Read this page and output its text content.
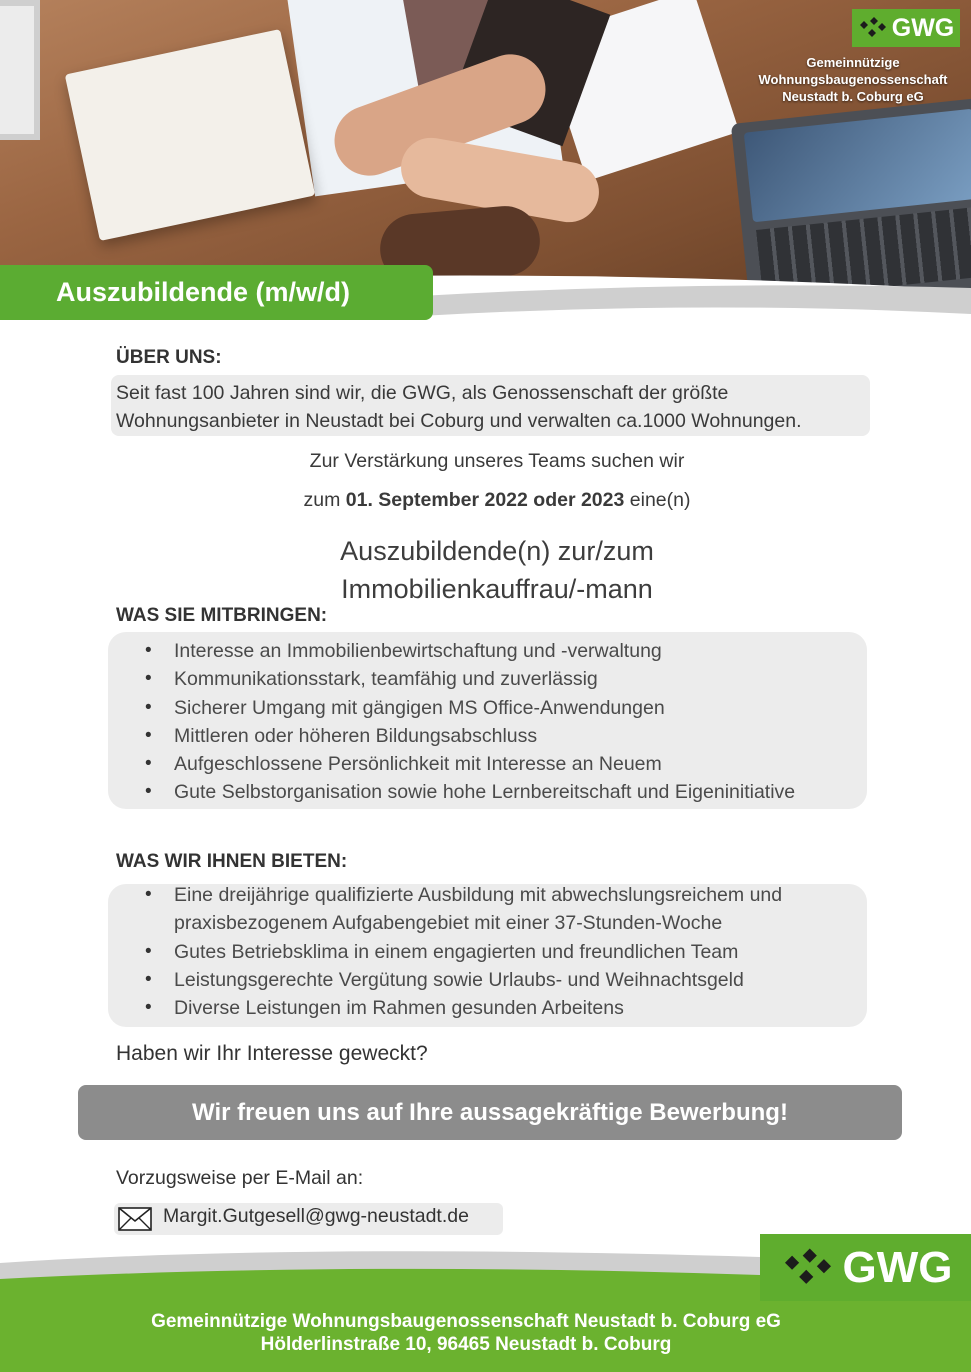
GWG
Gemeinnützige
Wohnungsbaugenossenschaft
Neustadt b. Coburg eG
Auszubildende (m/w/d)
ÜBER UNS:
Seit fast 100 Jahren sind wir, die GWG, als Genossenschaft der größte
Wohnungsanbieter in Neustadt bei Coburg und verwalten ca.1000 Wohnungen.
Zur Verstärkung unseres Teams suchen wir
zum 01. September 2022 oder 2023 eine(n)
Auszubildende(n) zur/zum
Immobilienkauffrau/-mann
WAS SIE MITBRINGEN:
• Interesse an Immobilienbewirtschaftung und -verwaltung
• Kommunikationsstark, teamfähig und zuverlässig
• Sicherer Umgang mit gängigen MS Office-Anwendungen
• Mittleren oder höheren Bildungsabschluss
• Aufgeschlossene Persönlichkeit mit Interesse an Neuem
• Gute Selbstorganisation sowie hohe Lernbereitschaft und Eigeninitiative
WAS WIR IHNEN BIETEN:
• Eine dreijährige qualifizierte Ausbildung mit abwechslungsreichem und praxisbezogenem Aufgabengebiet mit einer 37-Stunden-Woche
• Gutes Betriebsklima in einem engagierten und freundlichen Team
• Leistungsgerechte Vergütung sowie Urlaubs- und Weihnachtsgeld
• Diverse Leistungen im Rahmen gesunden Arbeitens
Haben wir Ihr Interesse geweckt?
Wir freuen uns auf Ihre aussagekräftige Bewerbung!
Vorzugsweise per E-Mail an:
Margit.Gutgesell@gwg-neustadt.de
GWG
Gemeinnützige Wohnungsbaugenossenschaft Neustadt b. Coburg eG
Hölderlinstraße 10, 96465 Neustadt b. Coburg
